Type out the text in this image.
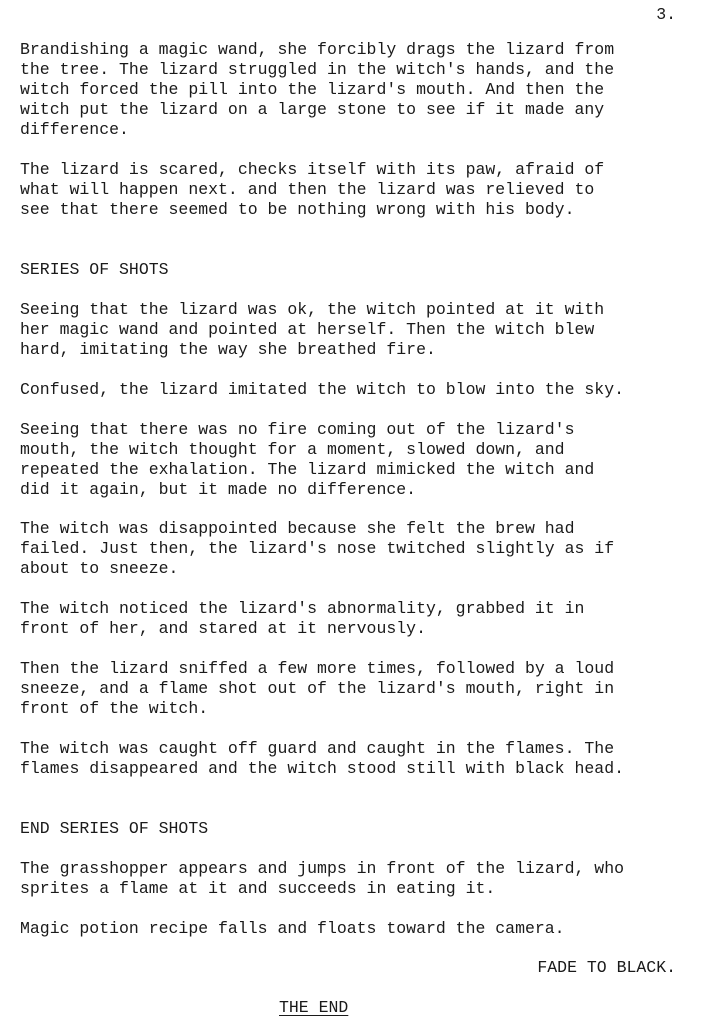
3.
Brandishing a magic wand, she forcibly drags the lizard from
the tree. The lizard struggled in the witch's hands, and the
witch forced the pill into the lizard's mouth. And then the
witch put the lizard on a large stone to see if it made any
difference.
The lizard is scared, checks itself with its paw, afraid of
what will happen next. and then the lizard was relieved to
see that there seemed to be nothing wrong with his body.
SERIES OF SHOTS
Seeing that the lizard was ok, the witch pointed at it with
her magic wand and pointed at herself. Then the witch blew
hard, imitating the way she breathed fire.
Confused, the lizard imitated the witch to blow into the sky.
Seeing that there was no fire coming out of the lizard's
mouth, the witch thought for a moment, slowed down, and
repeated the exhalation. The lizard mimicked the witch and
did it again, but it made no difference.
The witch was disappointed because she felt the brew had
failed. Just then, the lizard's nose twitched slightly as if
about to sneeze.
The witch noticed the lizard's abnormality, grabbed it in
front of her, and stared at it nervously.
Then the lizard sniffed a few more times, followed by a loud
sneeze, and a flame shot out of the lizard's mouth, right in
front of the witch.
The witch was caught off guard and caught in the flames. The
flames disappeared and the witch stood still with black head.
END SERIES OF SHOTS
The grasshopper appears and jumps in front of the lizard, who
sprites a flame at it and succeeds in eating it.
Magic potion recipe falls and floats toward the camera.
FADE TO BLACK.
THE END
